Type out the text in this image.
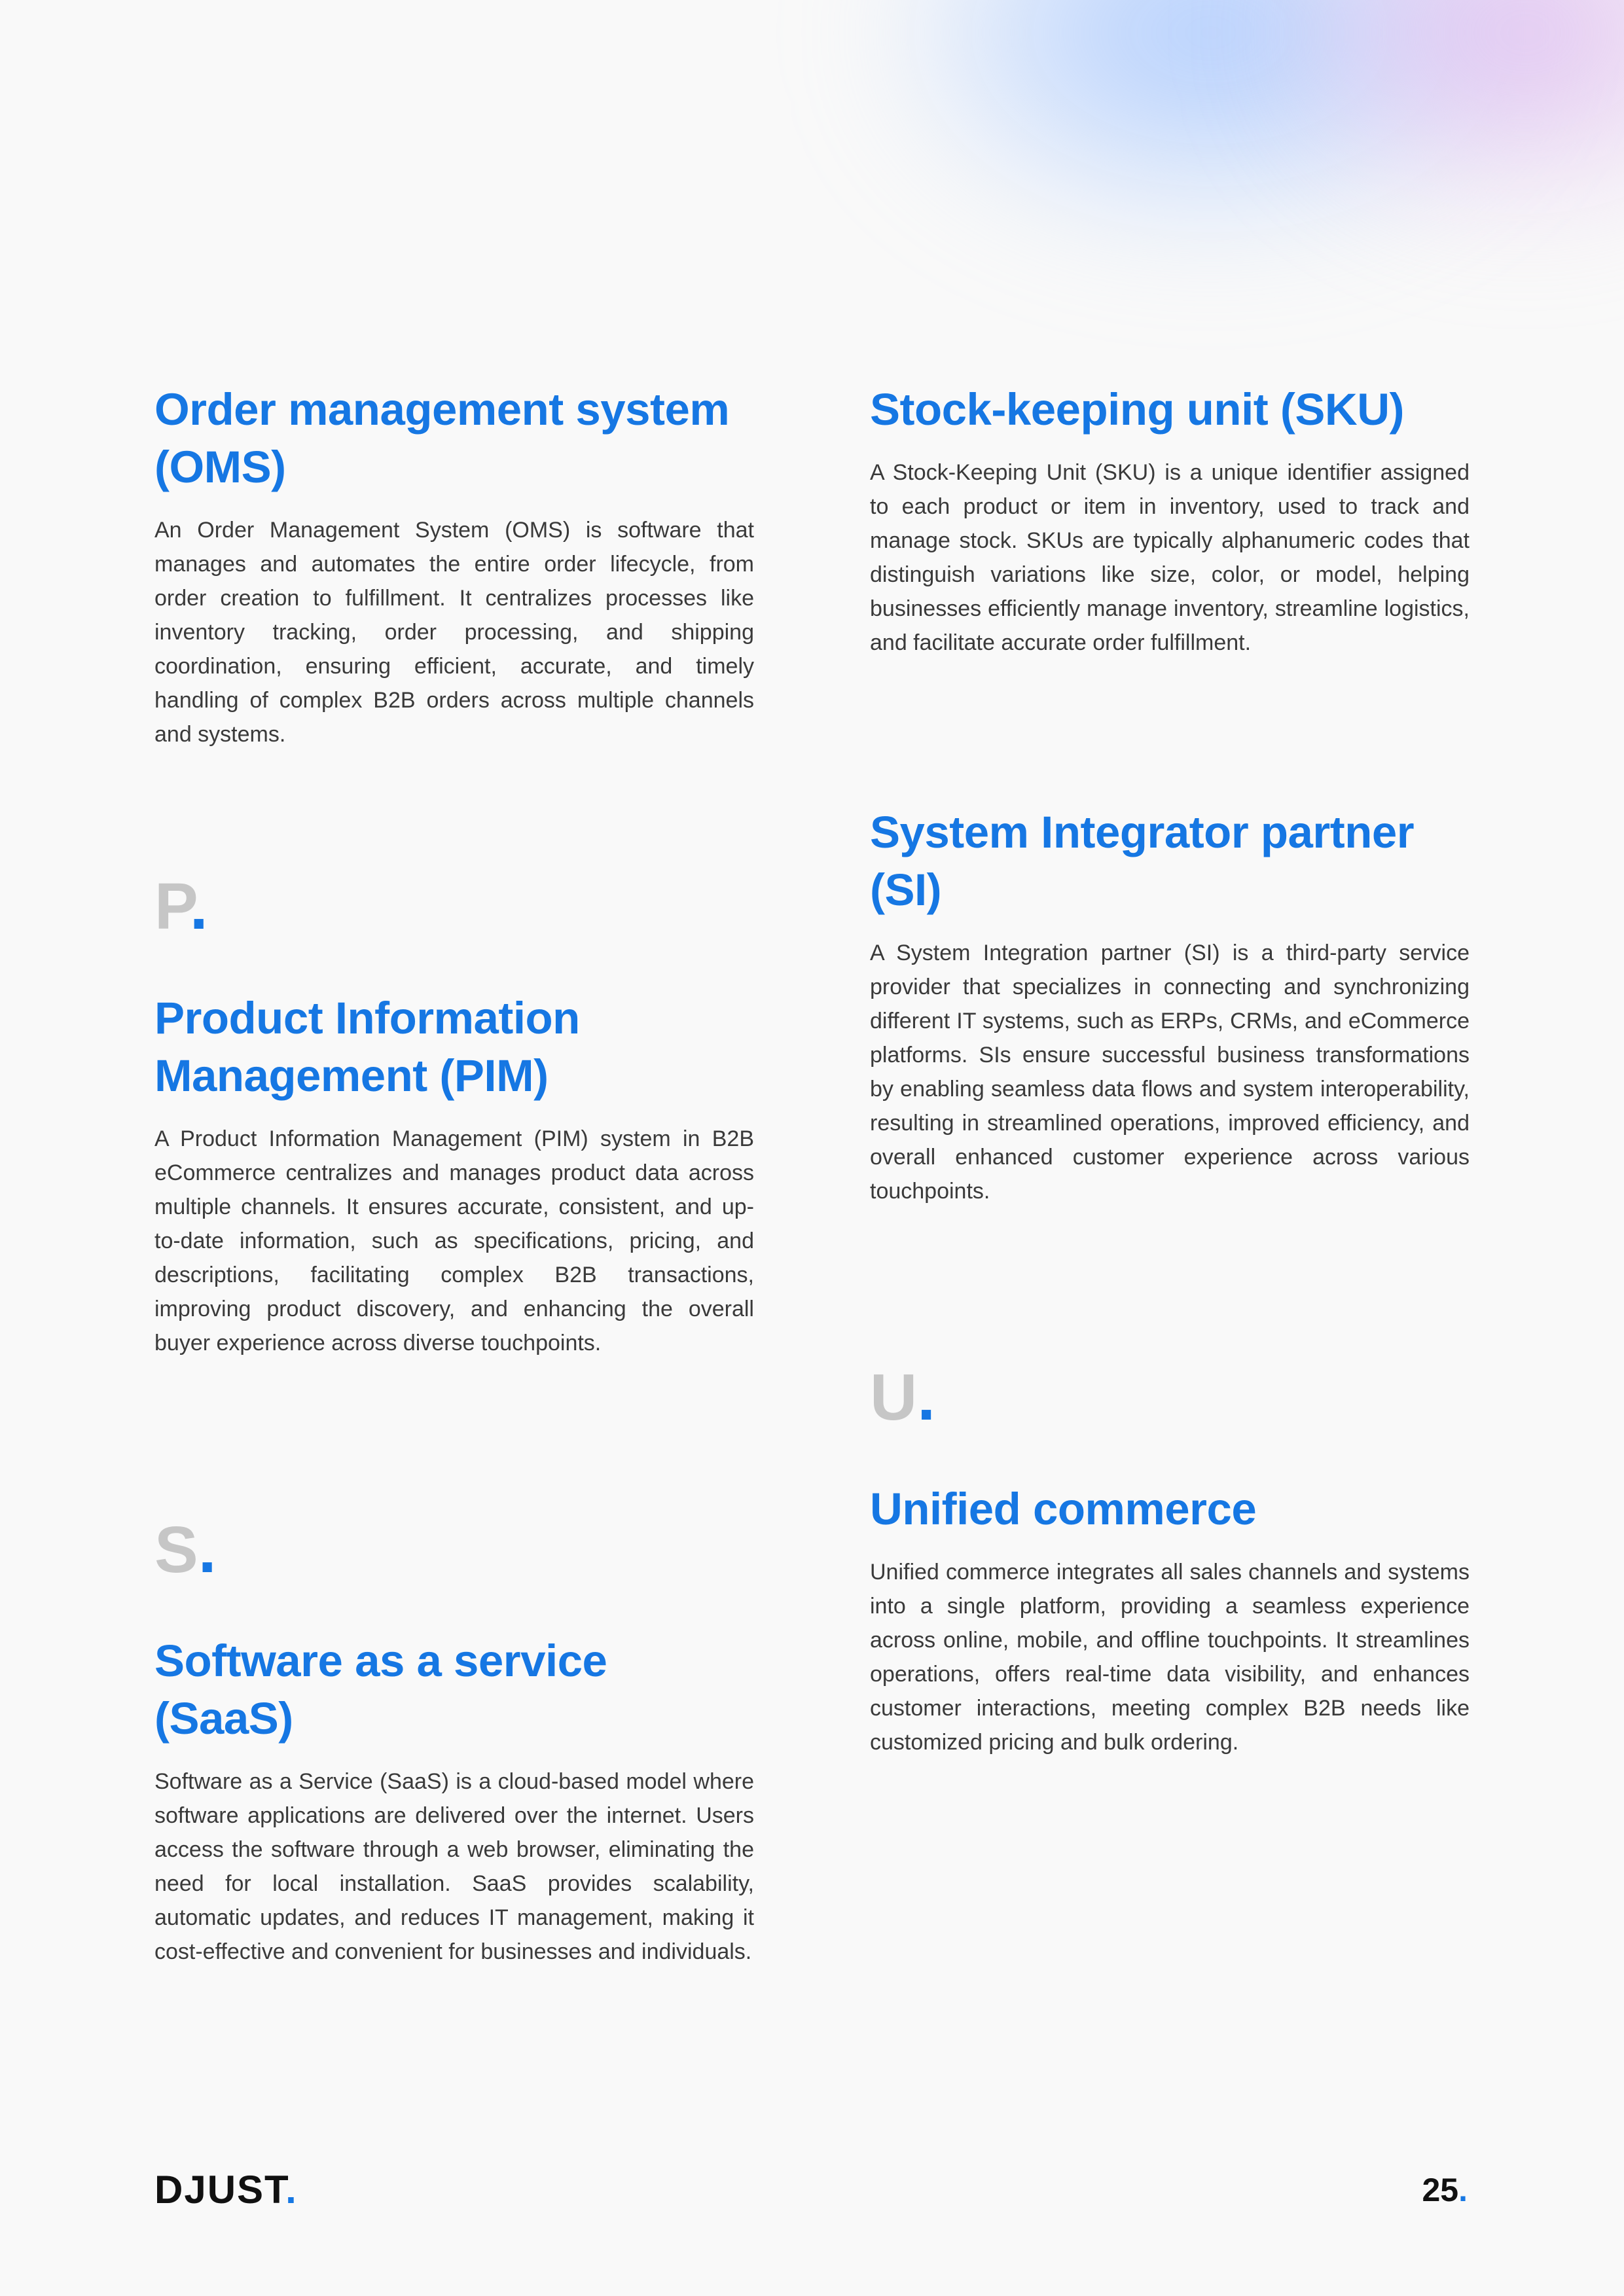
Order management system (OMS)

An Order Management System (OMS) is software that manages and automates the entire order lifecycle, from order creation to fulfillment. It centralizes processes like inventory tracking, order processing, and shipping coordination, ensuring efficient, accurate, and timely handling of complex B2B orders across multiple channels and systems.

P.
Product Information Management (PIM)

A Product Information Management (PIM) system in B2B eCommerce centralizes and manages product data across multiple channels. It ensures accurate, consistent, and up-to-date information, such as specifications, pricing, and descriptions, facilitating complex B2B transactions, improving product discovery, and enhancing the overall buyer experience across diverse touchpoints.

S.
Software as a service (SaaS)

Software as a Service (SaaS) is a cloud-based model where software applications are delivered over the internet. Users access the software through a web browser, eliminating the need for local installation. SaaS provides scalability, automatic updates, and reduces IT management, making it cost-effective and convenient for businesses and individuals.

Stock-keeping unit (SKU)

A Stock-Keeping Unit (SKU) is a unique identifier assigned to each product or item in inventory, used to track and manage stock. SKUs are typically alphanumeric codes that distinguish variations like size, color, or model, helping businesses efficiently manage inventory, streamline logistics, and facilitate accurate order fulfillment.

System Integrator partner (SI)

A System Integration partner (SI) is a third-party service provider that specializes in connecting and synchronizing different IT systems, such as ERPs, CRMs, and eCommerce platforms. SIs ensure successful business transformations by enabling seamless data flows and system interoperability, resulting in streamlined operations, improved efficiency, and overall enhanced customer experience across various touchpoints.

U.
Unified commerce

Unified commerce integrates all sales channels and systems into a single platform, providing a seamless experience across online, mobile, and offline touchpoints. It streamlines operations, offers real-time data visibility, and enhances customer interactions, meeting complex B2B needs like customized pricing and bulk ordering.

DJUST.	25.
